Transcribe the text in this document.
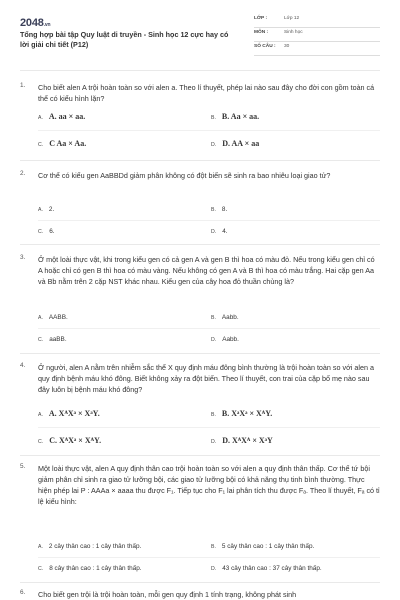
2048.vn
Tổng hợp bài tập Quy luật di truyền - Sinh học 12 cực hay có lời giải chi tiết (P12)
LỚP :	Lớp 12
MÔN :	Sinh học
SỐ CÂU : 30
1. Cho biết alen A trội hoàn toàn so với alen a. Theo lí thuyết, phép lai nào sau đây cho đời con gồm toàn cá thể có kiểu hình lặn?
A. A. aa × aa.	B. B. Aa × aa.
C. C Aa × Aa.	D. D. AA × aa
2. Cơ thể có kiểu gen AaBBDd giảm phân không có đột biến sẽ sinh ra bao nhiêu loại giao tử?
A. 2.	B. 8.
C. 6.	D. 4.
3. Ở một loài thực vật, khi trong kiểu gen có cả gen A và gen B thì hoa có màu đỏ. Nếu trong kiểu gen chỉ có A hoặc chỉ có gen B thì hoa có màu vàng. Nếu không có gen A và B thì hoa có màu trắng. Hai cặp gen Aa và Bb nằm trên 2 cặp NST khác nhau. Kiểu gen của cây hoa đỏ thuần chủng là?
A. AABB.	B. Aabb.
C. aaBB.	D. Aabb.
4. Ở người, alen A nằm trên nhiễm sắc thể X quy định máu đông bình thường là trội hoàn toàn so với alen a quy định bệnh máu khó đông. Biết không xảy ra đột biến. Theo lí thuyết, con trai của cặp bố mẹ nào sau đây luôn bị bệnh máu khó đông?
A. A. XᴬXᵃ × XᵃY.	B. B. XᵃXᵃ × XᴬY.
C. C. XᴬXᵃ × XᴬY.	D. D. XᴬXᴬ × XᵃY
5. Một loài thực vật, alen A quy định thân cao trội hoàn toàn so với alen a quy định thân thấp. Cơ thể tứ bội giảm phân chỉ sinh ra giao tử lưỡng bội, các giao tử lưỡng bội có khả năng thụ tinh bình thường. Thực hiện phép lai P : AAAa × aaaa thu được F₁. Tiếp tục cho F₁ lai phân tích thu được Fₐ. Theo lí thuyết, Fₐ có tỉ lệ kiểu hình:
A. 2 cây thân cao : 1 cây thân thấp.	B. 5 cây thân cao : 1 cây thân thấp.
C. 8 cây thân cao : 1 cây thân thấp.	D. 43 cây thân cao : 37 cây thân thấp.
6. Cho biết gen trội là trội hoàn toàn, mỗi gen quy định 1 tính trạng, không phát sinh
